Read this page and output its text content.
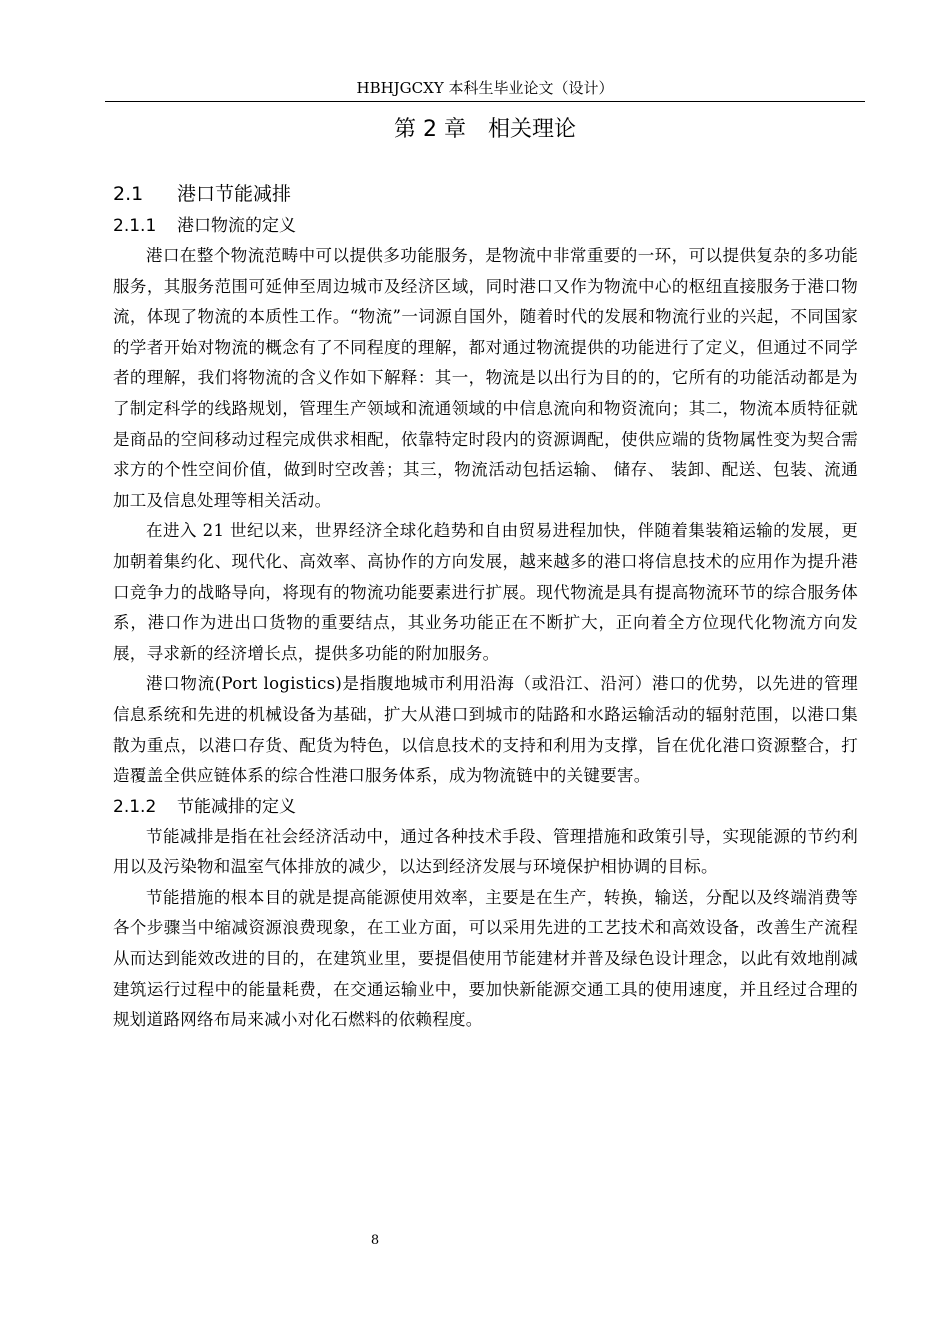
HBHJGCXY 本科生毕业论文（设计）
第 2 章 相关理论
2.1 港口节能减排
2.1.1 港口物流的定义

港口在整个物流范畴中可以提供多功能服务，是物流中非常重要的一环，可以提供复杂的多功能服务，其服务范围可延伸至周边城市及经济区域，同时港口又作为物流中心的枢纽直接服务于港口物流，体现了物流的本质性工作。“物流”一词源自国外，随着时代的发展和物流行业的兴起，不同国家的学者开始对物流的概念有了不同程度的理解，都对通过物流提供的功能进行了定义，但通过不同学者的理解，我们将物流的含义作如下解释：其一，物流是以出行为目的的，它所有的功能活动都是为了制定科学的线路规划，管理生产领域和流通领域的中信息流向和物资流向；其二，物流本质特征就是商品的空间移动过程完成供求相配，依靠特定时段内的资源调配，使供应端的货物属性变为契合需求方的个性空间价值，做到时空改善；其三，物流活动包括运输、 储存、 装卸、配送、包装、流通加工及信息处理等相关活动。

在进入 21 世纪以来，世界经济全球化趋势和自由贸易进程加快，伴随着集装箱运输的发展，更加朝着集约化、现代化、高效率、高协作的方向发展，越来越多的港口将信息技术的应用作为提升港口竞争力的战略导向，将现有的物流功能要素进行扩展。现代物流是具有提高物流环节的综合服务体系，港口作为进出口货物的重要结点，其业务功能正在不断扩大，正向着全方位现代化物流方向发展，寻求新的经济增长点，提供多功能的附加服务。

港口物流(Port logistics)是指腹地城市利用沿海（或沿江、沿河）港口的优势，以先进的管理信息系统和先进的机械设备为基础，扩大从港口到城市的陆路和水路运输活动的辐射范围，以港口集散为重点，以港口存货、配货为特色，以信息技术的支持和利用为支撑，旨在优化港口资源整合，打造覆盖全供应链体系的综合性港口服务体系，成为物流链中的关键要害。

2.1.2 节能减排的定义

节能减排是指在社会经济活动中，通过各种技术手段、管理措施和政策引导，实现能源的节约利用以及污染物和温室气体排放的减少，以达到经济发展与环境保护相协调的目标。

节能措施的根本目的就是提高能源使用效率，主要是在生产，转换，输送，分配以及终端消费等各个步骤当中缩减资源浪费现象，在工业方面，可以采用先进的工艺技术和高效设备，改善生产流程从而达到能效改进的目的，在建筑业里，要提倡使用节能建材并普及绿色设计理念，以此有效地削减建筑运行过程中的能量耗费，在交通运输业中，要加快新能源交通工具的使用速度，并且经过合理的规划道路网络布局来减小对化石燃料的依赖程度。

8
